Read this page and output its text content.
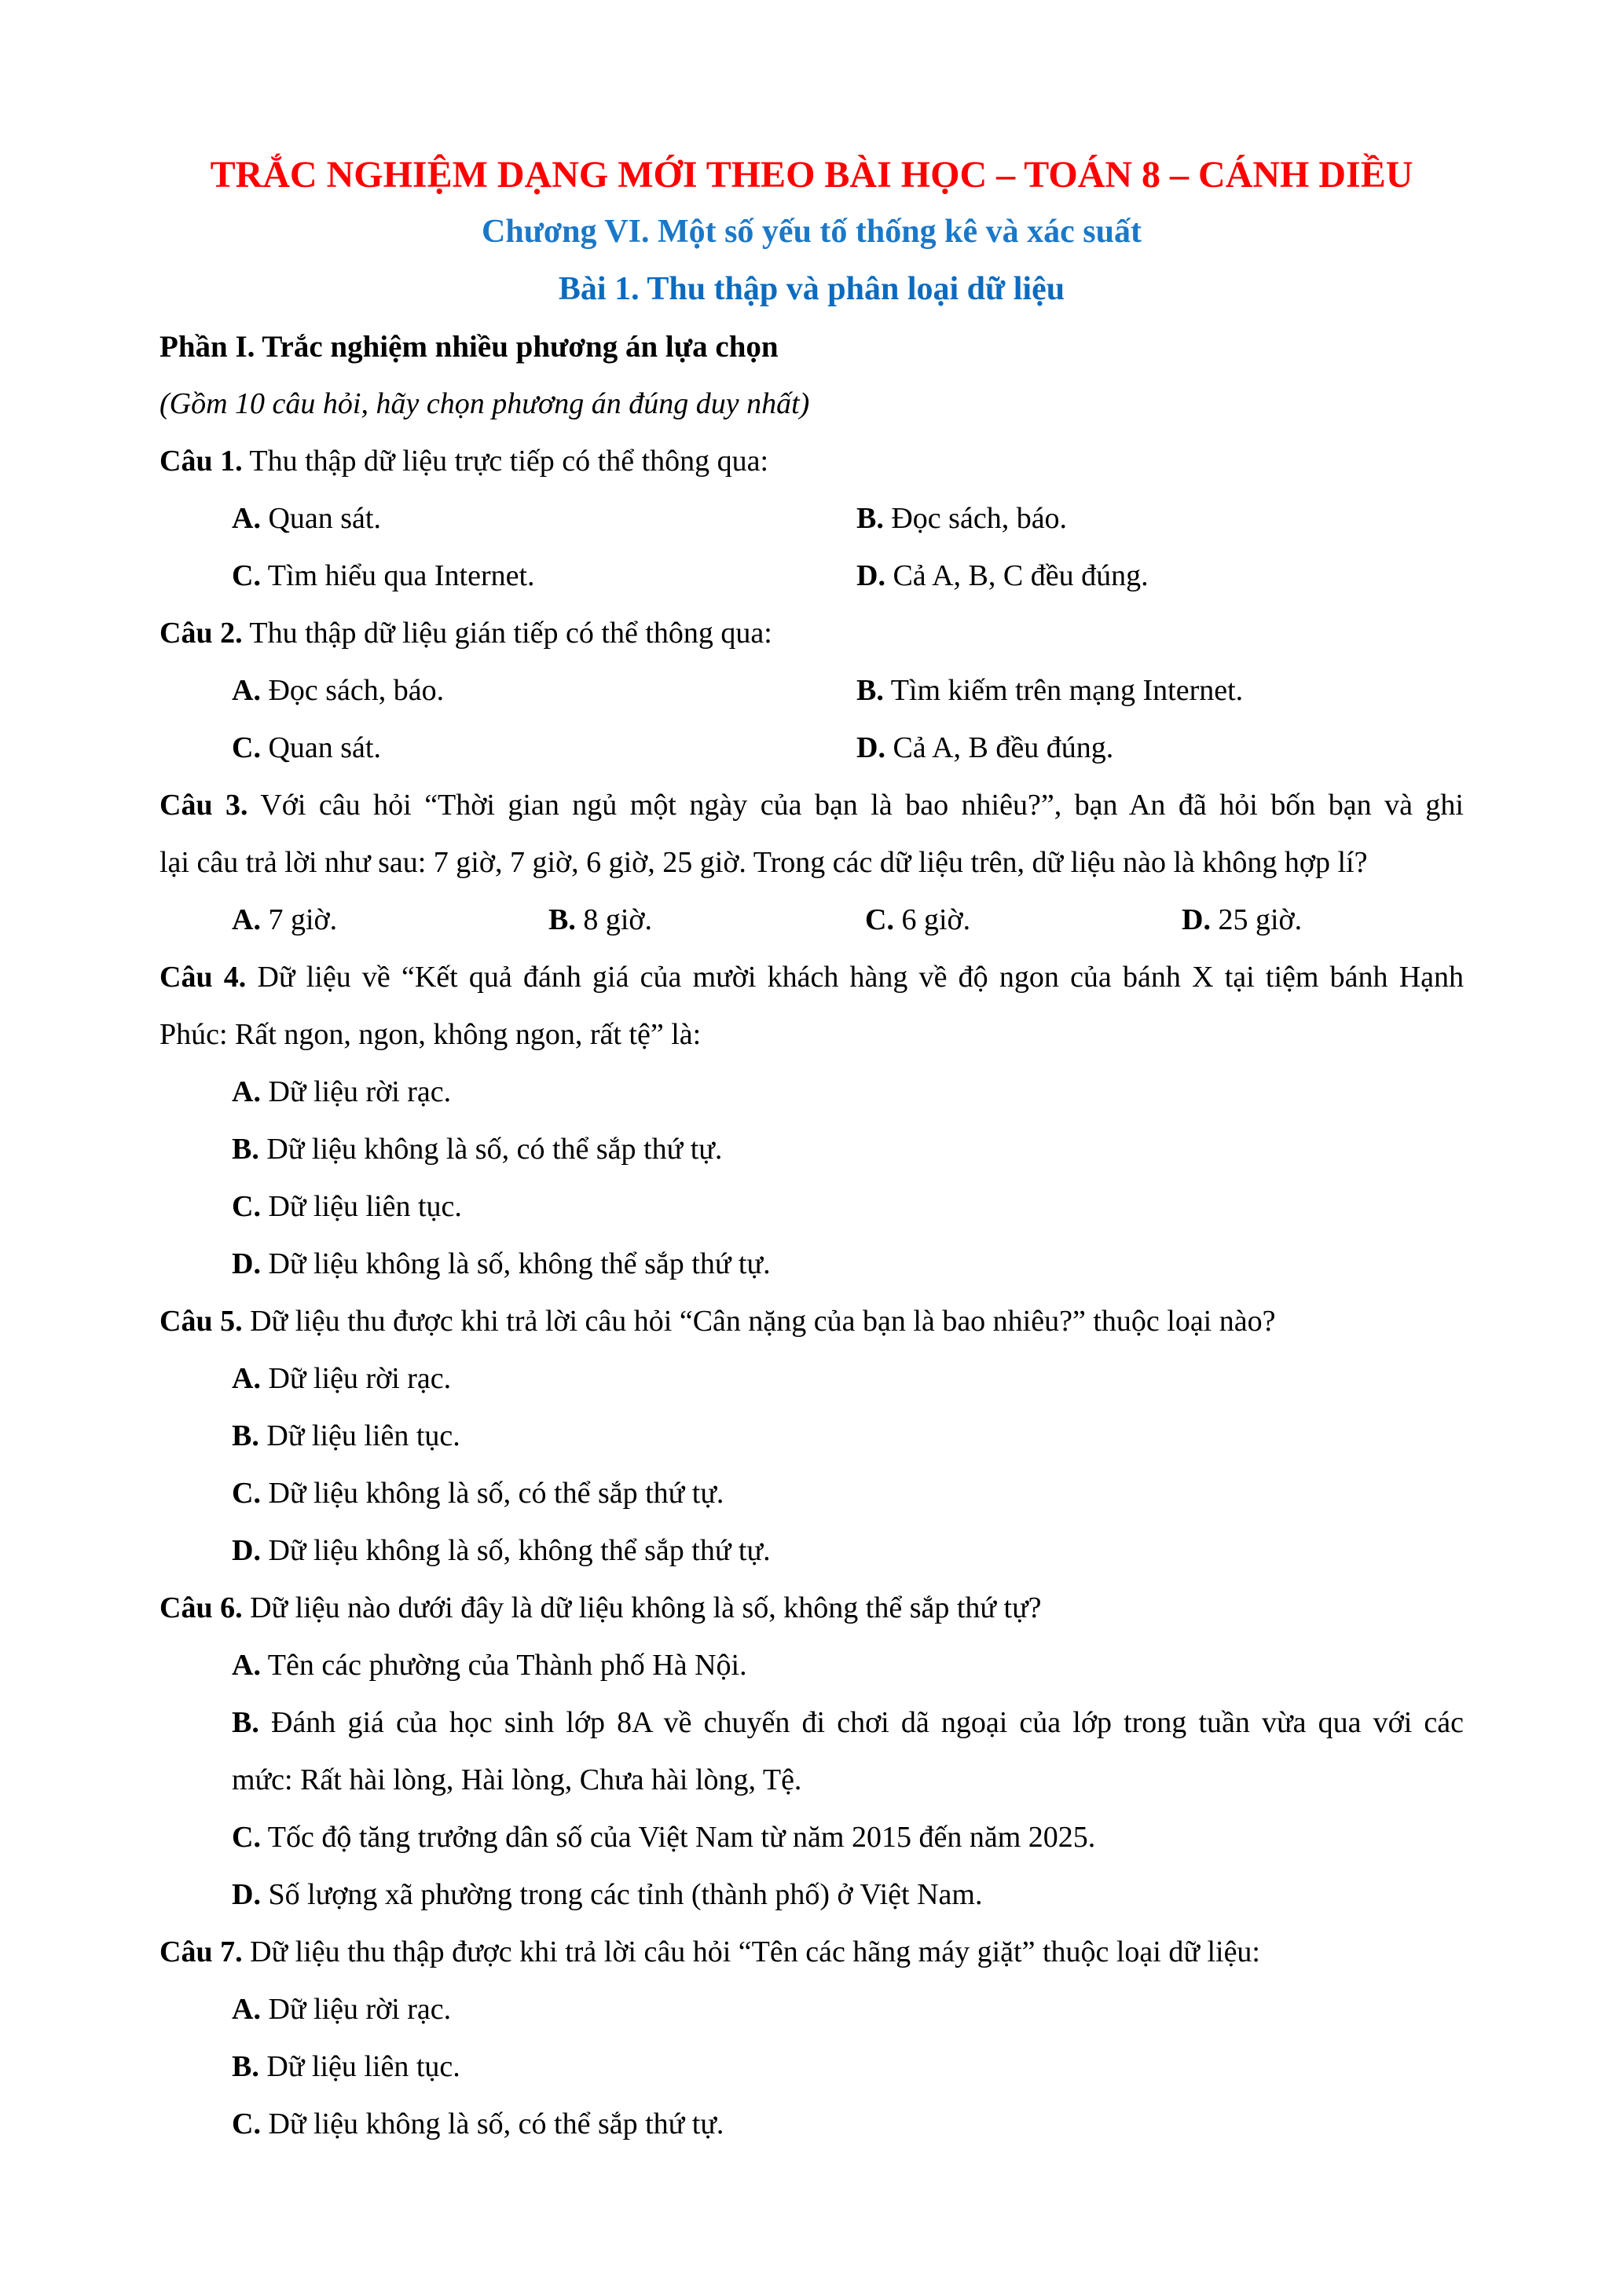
TRẮC NGHIỆM DẠNG MỚI THEO BÀI HỌC – TOÁN 8 – CÁNH DIỀU
Chương VI. Một số yếu tố thống kê và xác suất
Bài 1. Thu thập và phân loại dữ liệu
Phần I. Trắc nghiệm nhiều phương án lựa chọn
(Gồm 10 câu hỏi, hãy chọn phương án đúng duy nhất)
Câu 1. Thu thập dữ liệu trực tiếp có thể thông qua:
A. Quan sát.	B. Đọc sách, báo.
C. Tìm hiểu qua Internet.	D. Cả A, B, C đều đúng.
Câu 2. Thu thập dữ liệu gián tiếp có thể thông qua:
A. Đọc sách, báo.	B. Tìm kiếm trên mạng Internet.
C. Quan sát.	D. Cả A, B đều đúng.
Câu 3. Với câu hỏi “Thời gian ngủ một ngày của bạn là bao nhiêu?”, bạn An đã hỏi bốn bạn và ghi
lại câu trả lời như sau: 7 giờ, 7 giờ, 6 giờ, 25 giờ. Trong các dữ liệu trên, dữ liệu nào là không hợp lí?
A. 7 giờ.	B. 8 giờ.	C. 6 giờ.	D. 25 giờ.
Câu 4. Dữ liệu về “Kết quả đánh giá của mười khách hàng về độ ngon của bánh X tại tiệm bánh Hạnh
Phúc: Rất ngon, ngon, không ngon, rất tệ” là:
A. Dữ liệu rời rạc.
B. Dữ liệu không là số, có thể sắp thứ tự.
C. Dữ liệu liên tục.
D. Dữ liệu không là số, không thể sắp thứ tự.
Câu 5. Dữ liệu thu được khi trả lời câu hỏi “Cân nặng của bạn là bao nhiêu?” thuộc loại nào?
A. Dữ liệu rời rạc.
B. Dữ liệu liên tục.
C. Dữ liệu không là số, có thể sắp thứ tự.
D. Dữ liệu không là số, không thể sắp thứ tự.
Câu 6. Dữ liệu nào dưới đây là dữ liệu không là số, không thể sắp thứ tự?
A. Tên các phường của Thành phố Hà Nội.
B. Đánh giá của học sinh lớp 8A về chuyến đi chơi dã ngoại của lớp trong tuần vừa qua với các
mức: Rất hài lòng, Hài lòng, Chưa hài lòng, Tệ.
C. Tốc độ tăng trưởng dân số của Việt Nam từ năm 2015 đến năm 2025.
D. Số lượng xã phường trong các tỉnh (thành phố) ở Việt Nam.
Câu 7. Dữ liệu thu thập được khi trả lời câu hỏi “Tên các hãng máy giặt” thuộc loại dữ liệu:
A. Dữ liệu rời rạc.
B. Dữ liệu liên tục.
C. Dữ liệu không là số, có thể sắp thứ tự.
